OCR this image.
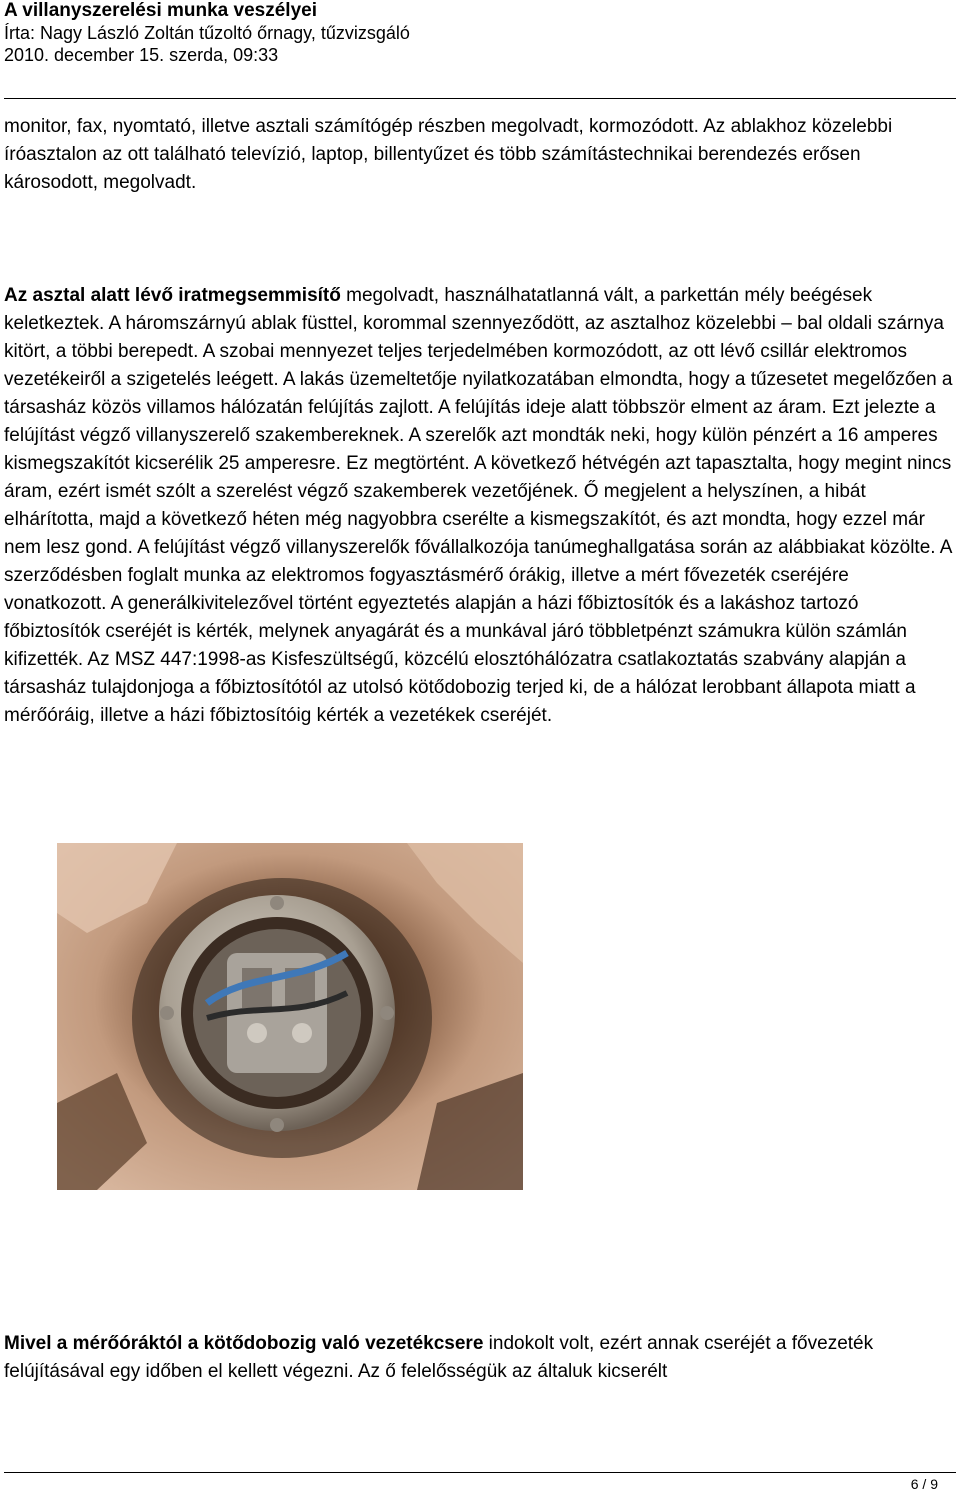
A villanyszerelési munka veszélyei

Írta: Nagy László Zoltán tűzoltó őrnagy, tűzvizsgáló

2010. december 15. szerda, 09:33

monitor, fax, nyomtató, illetve asztali számítógép részben megolvadt, kormozódott. Az ablakhoz közelebbi íróasztalon az ott található televízió, laptop, billentyűzet és több számítástechnikai berendezés erősen károsodott, megolvadt.

Az asztal alatt lévő iratmegsemmisítő megolvadt, használhatatlanná vált, a parkettán mély beégések keletkeztek. A háromszárnyú ablak füsttel, korommal szennyeződött, az asztalhoz közelebbi – bal oldali szárnya kitört, a többi berepedt. A szobai mennyezet teljes terjedelmében kormozódott, az ott lévő csillár elektromos vezetékeiről a szigetelés leégett. A lakás üzemeltetője nyilatkozatában elmondta, hogy a tűzesetet megelőzően a társasház közös villamos hálózatán felújítás zajlott. A felújítás ideje alatt többször elment az áram. Ezt jelezte a felújítást végző villanyszerelő szakembereknek. A szerelők azt mondták neki, hogy külön pénzért a 16 amperes kismegszakítót kicserélik 25 amperesre. Ez megtörtént. A következő hétvégén azt tapasztalta, hogy megint nincs áram, ezért ismét szólt a szerelést végző szakemberek vezetőjének. Ő megjelent a helyszínen, a hibát elhárította, majd a következő héten még nagyobbra cserélte a kismegszakítót, és azt mondta, hogy ezzel már nem lesz gond. A felújítást végző villanyszerelők fővállalkozója tanúmeghallgatása során az alábbiakat közölte. A szerződésben foglalt munka az elektromos fogyasztásmérő órákig, illetve a mért fővezeték cseréjére vonatkozott. A generálkivitelezővel történt egyeztetés alapján a házi főbiztosítók és a lakáshoz tartozó főbiztosítók cseréjét is kérték, melynek anyagárát és a munkával járó többletpénzt számukra külön számlán kifizették. Az MSZ 447:1998-as Kisfeszültségű, közcélú elosztóhálózatra csatlakoztatás szabvány alapján a társasház tulajdonjoga a főbiztosítótól az utolsó kötődobozig terjed ki, de a hálózat lerobbant állapota miatt a mérőóráig, illetve a házi főbiztosítóig kérték a vezetékek cseréjét.

Mivel a mérőóráktól a kötődobozig való vezetékcsere indokolt volt, ezért annak cseréjét a fővezeték felújításával egy időben el kellett végezni. Az ő felelősségük az általuk kicserélt

6 / 9
